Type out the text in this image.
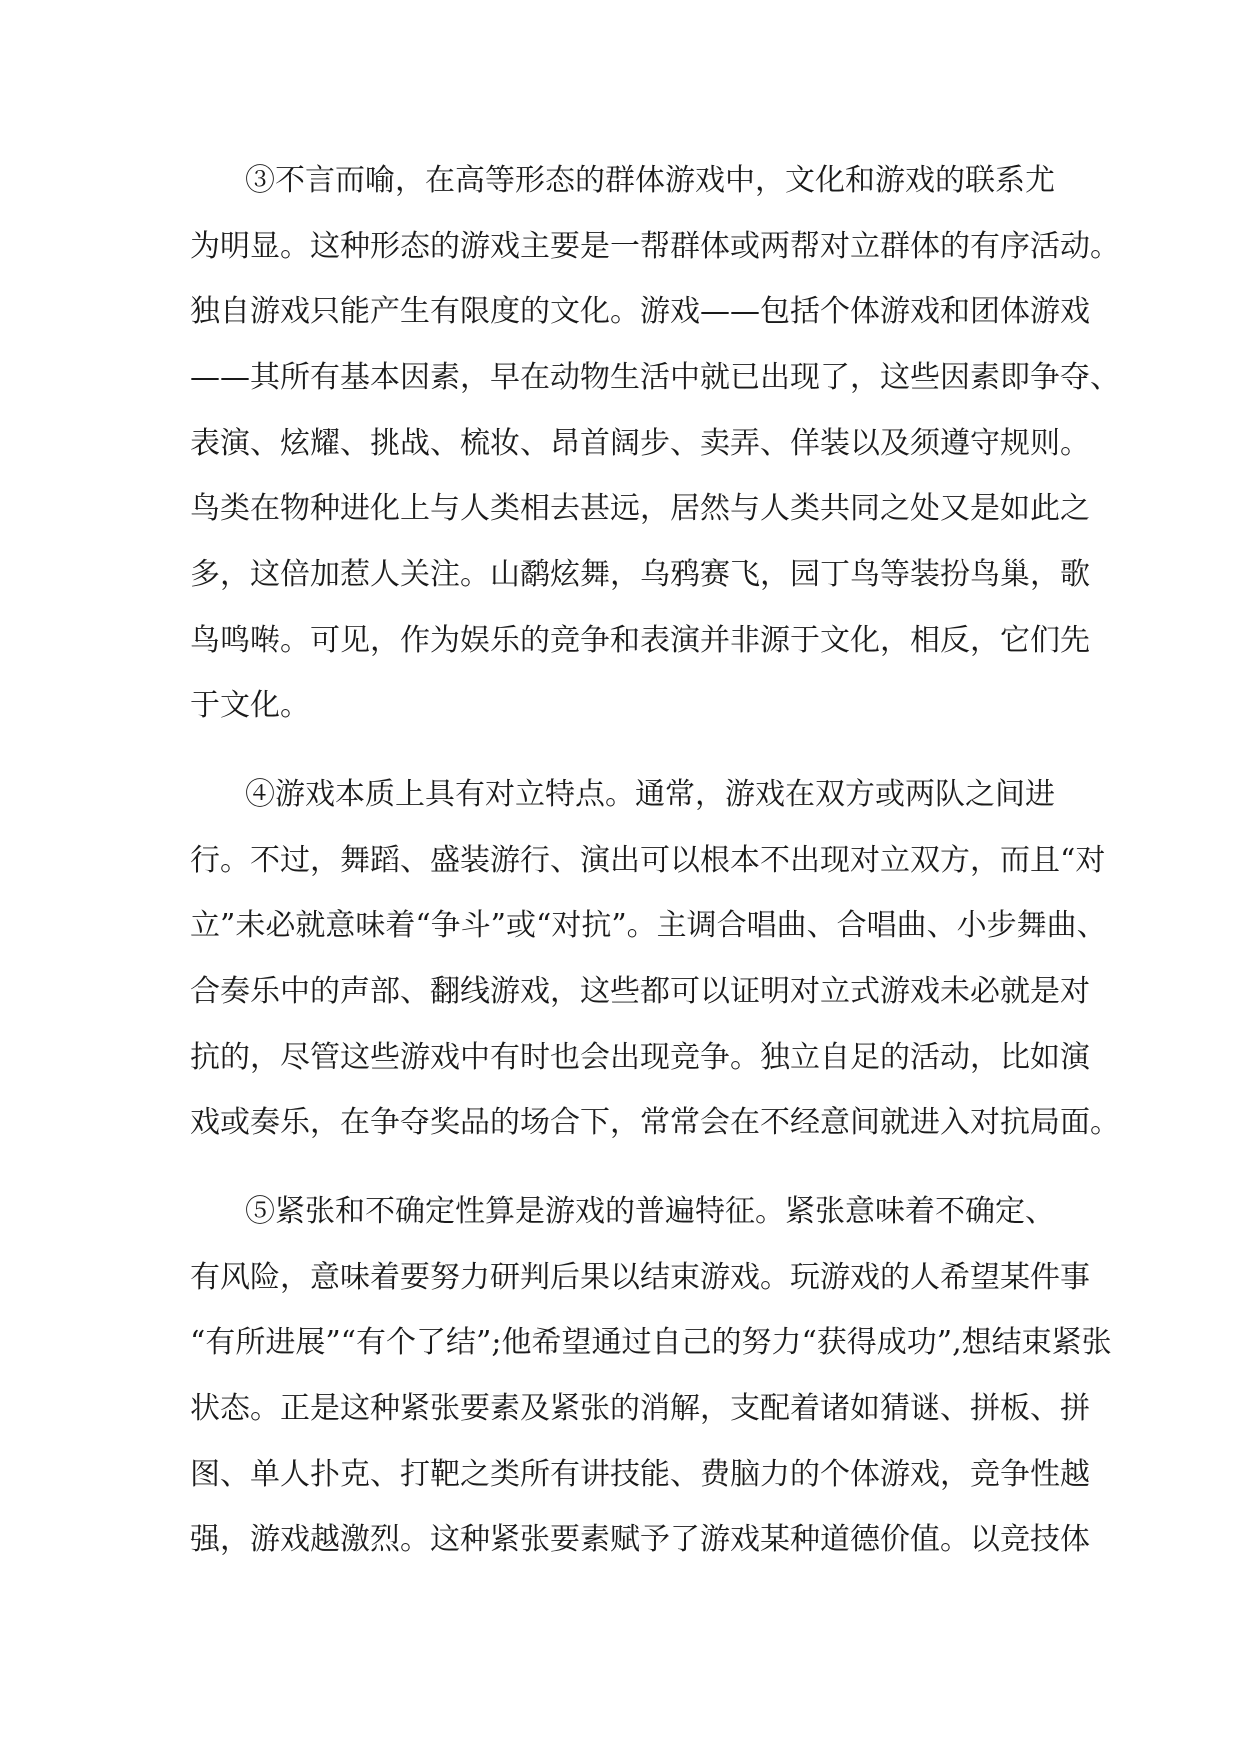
③不言而喻，在高等形态的群体游戏中，文化和游戏的联系尤

为明显。这种形态的游戏主要是一帮群体或两帮对立群体的有序活动。

独自游戏只能产生有限度的文化。游戏——包括个体游戏和团体游戏

——其所有基本因素，早在动物生活中就已出现了，这些因素即争夺、

表演、炫耀、挑战、梳妆、昂首阔步、卖弄、佯装以及须遵守规则。

鸟类在物种进化上与人类相去甚远，居然与人类共同之处又是如此之

多，这倍加惹人关注。山鹬炫舞，乌鸦赛飞，园丁鸟等装扮鸟巢，歌

鸟鸣啭。可见，作为娱乐的竞争和表演并非源于文化，相反，它们先

于文化。

④游戏本质上具有对立特点。通常，游戏在双方或两队之间进

行。不过，舞蹈、盛装游行、演出可以根本不出现对立双方，而且“对

立”未必就意味着“争斗”或“对抗”。主调合唱曲、合唱曲、小步舞曲、

合奏乐中的声部、翻线游戏，这些都可以证明对立式游戏未必就是对

抗的，尽管这些游戏中有时也会出现竞争。独立自足的活动，比如演

戏或奏乐，在争夺奖品的场合下，常常会在不经意间就进入对抗局面。

⑤紧张和不确定性算是游戏的普遍特征。紧张意味着不确定、

有风险，意味着要努力研判后果以结束游戏。玩游戏的人希望某件事

“有所进展”“有个了结”;他希望通过自己的努力“获得成功”,想结束紧张

状态。正是这种紧张要素及紧张的消解，支配着诸如猜谜、拼板、拼

图、单人扑克、打靶之类所有讲技能、费脑力的个体游戏，竞争性越

强，游戏越激烈。这种紧张要素赋予了游戏某种道德价值。以竞技体
